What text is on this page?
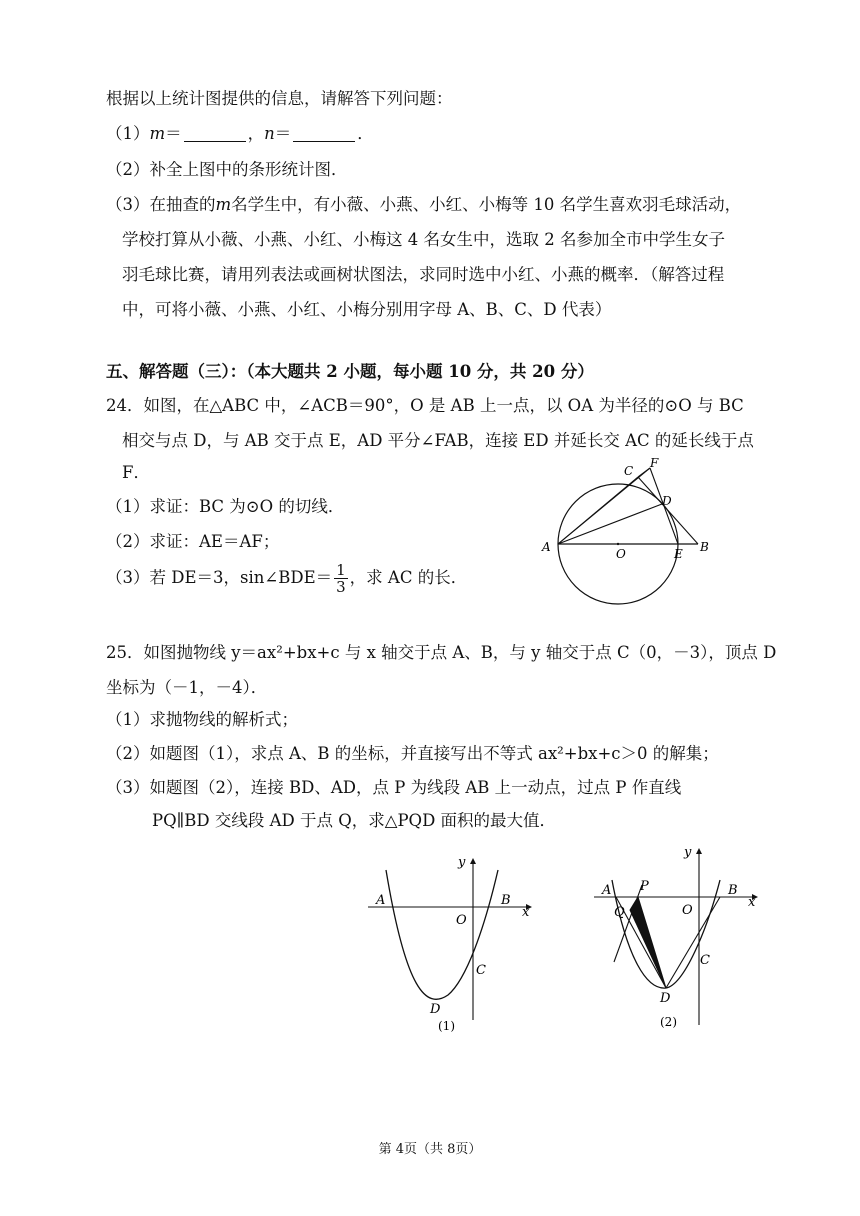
根据以上统计图提供的信息，请解答下列问题：
（1）m＝	，n＝	．
（2）补全上图中的条形统计图．
（3）在抽查的m名学生中，有小薇、小燕、小红、小梅等 10 名学生喜欢羽毛球活动，
学校打算从小薇、小燕、小红、小梅这 4 名女生中，选取 2 名参加全市中学生女子
羽毛球比赛，请用列表法或画树状图法，求同时选中小红、小燕的概率．（解答过程
中，可将小薇、小燕、小红、小梅分别用字母 A、B、C、D 代表）
五、解答题（三）：（本大题共 2 小题，每小题 10 分，共 20 分）
24．如图，在△ABC 中，∠ACB＝90°，O 是 AB 上一点，以 OA 为半径的⊙O 与 BC
相交与点 D，与 AB 交于点 E，AD 平分∠FAB，连接 ED 并延长交 AC 的延长线于点
F．
（1）求证：BC 为⊙O 的切线．
（2）求证：AE＝AF；
（3）若 DE＝3，sin∠BDE＝ $\frac{1}{3}$ ，求 AC 的长．
A	O	E B
C
F
D
25．如图抛物线 y＝ax²+bx+c 与 x 轴交于点 A、B，与 y 轴交于点 C（0，－3），顶点 D
坐标为（－1，－4）．
（1）求抛物线的解析式；
（2）如题图（1），求点 A、B 的坐标，并直接写出不等式 ax²+bx+c＞0 的解集；
（3）如题图（2），连接 BD、AD，点 P 为线段 AB 上一动点，过点 P 作直线
PQ∥BD 交线段 AD 于点 Q，求△PQD 面积的最大值．
A	B
x
y
O
C
D
(1)
A P
Q
B
x
y
O
C
D
(2)
第 4页（共 8页）
